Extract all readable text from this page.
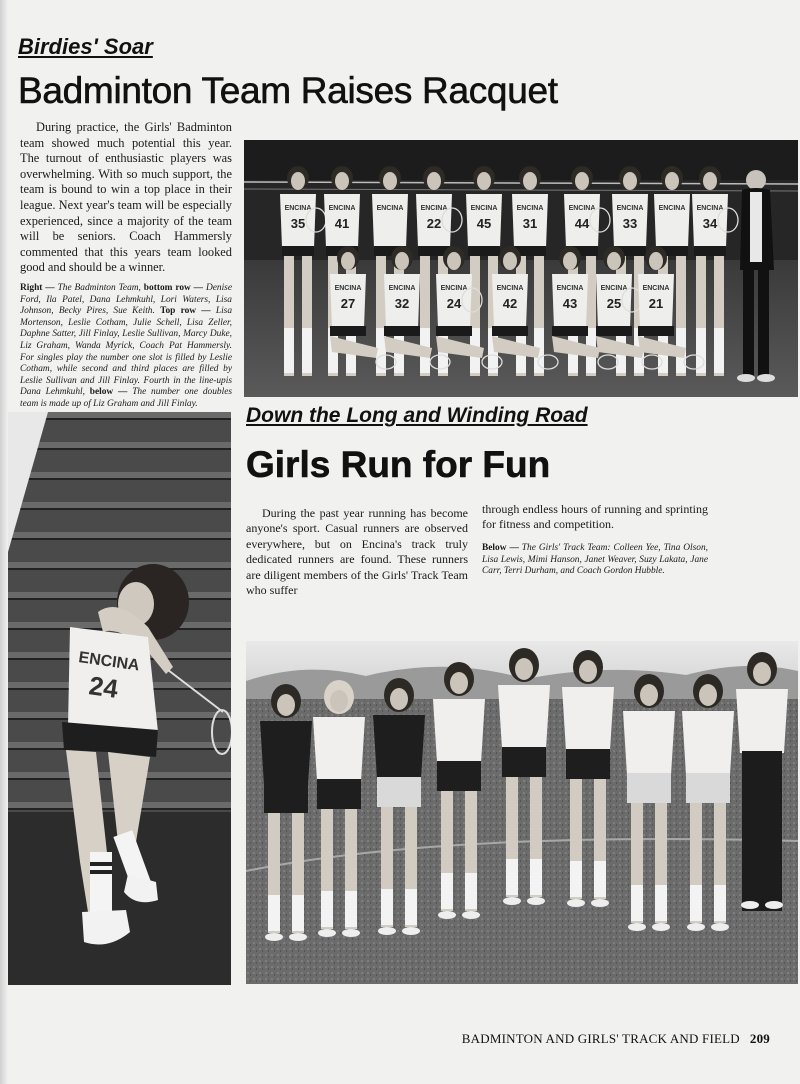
Birdies' Soar
Badminton Team Raises Racquet

During practice, the Girls' Badminton team showed much potential this year. The turnout of enthusiastic players was overwhelming. With so much support, the team is bound to win a top place in their league. Next year's team will be especially experienced, since a majority of the team will be seniors. Coach Hammersly commented that this years team looked good and should be a winner.

Right — The Badminton Team, bottom row — Denise Ford, Ila Patel, Dana Lehmkuhl, Lori Waters, Lisa Johnson, Becky Pires, Sue Keith. Top row — Lisa Mortenson, Leslie Cotham, Julie Schell, Lisa Zeller, Daphne Satter, Jill Finlay, Leslie Sullivan, Marcy Duke, Liz Graham, Wanda Myrick, Coach Pat Hammersly. For singles play the number one slot is filled by Leslie Cotham, while second and third places are filled by Leslie Sullivan and Jill Finlay. Fourth in the line-upis Dana Lehmkuhl, below — The number one doubles team is made up of Liz Graham and Jill Finlay.

ENCINA
35
ENCINA
41
ENCINA ENCINA
22
ENCINA
45
ENCINA
31
ENCINA
44
ENCINA
33
ENCINA ENCINA
34
ENCINA
27
ENCINA
32
ENCINA
24
ENCINA
42
ENCINA
43
ENCINA
25
ENCINA
21
ENCINA
24
Down the Long and Winding Road
Girls Run for Fun

During the past year running has become anyone's sport. Casual runners are observed everywhere, but on Encina's track truly dedicated runners are found. These runners are diligent members of the Girls' Track Team who suffer

through endless hours of running and sprinting for fitness and competition.

Below — The Girls' Track Team: Colleen Yee, Tina Olson, Lisa Lewis, Mimi Hanson, Janet Weaver, Suzy Lakata, Jane Carr, Terri Durham, and Coach Gordon Hubble.

BADMINTON AND GIRLS' TRACK AND FIELD 209
